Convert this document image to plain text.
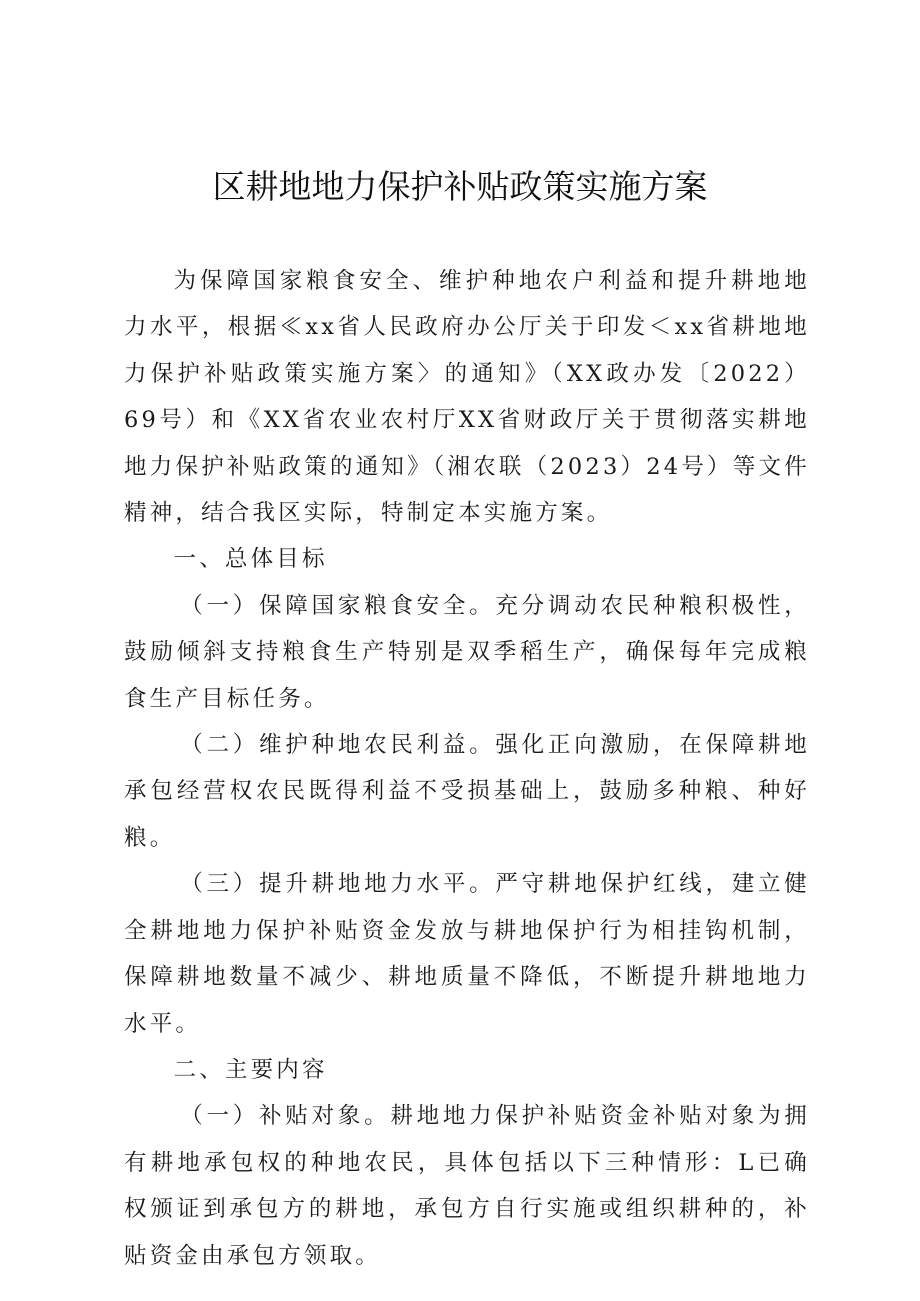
区耕地地力保护补贴政策实施方案

为保障国家粮食安全、维护种地农户利益和提升耕地地力水平，根据≪xx省人民政府办公厅关于印发＜xx省耕地地力保护补贴政策实施方案〉的通知》（XX政办发〔2022）69号）和《XX省农业农村厅XX省财政厅关于贯彻落实耕地地力保护补贴政策的通知》（湘农联（2023）24号）等文件精神，结合我区实际，特制定本实施方案。

一、总体目标

（一）保障国家粮食安全。充分调动农民种粮积极性，鼓励倾斜支持粮食生产特别是双季稻生产，确保每年完成粮食生产目标任务。

（二）维护种地农民利益。强化正向激励，在保障耕地承包经营权农民既得利益不受损基础上，鼓励多种粮、种好粮。

（三）提升耕地地力水平。严守耕地保护红线，建立健全耕地地力保护补贴资金发放与耕地保护行为相挂钩机制，保障耕地数量不减少、耕地质量不降低，不断提升耕地地力水平。

二、主要内容

（一）补贴对象。耕地地力保护补贴资金补贴对象为拥有耕地承包权的种地农民，具体包括以下三种情形：L已确权颁证到承包方的耕地，承包方自行实施或组织耕种的，补贴资金由承包方领取。
